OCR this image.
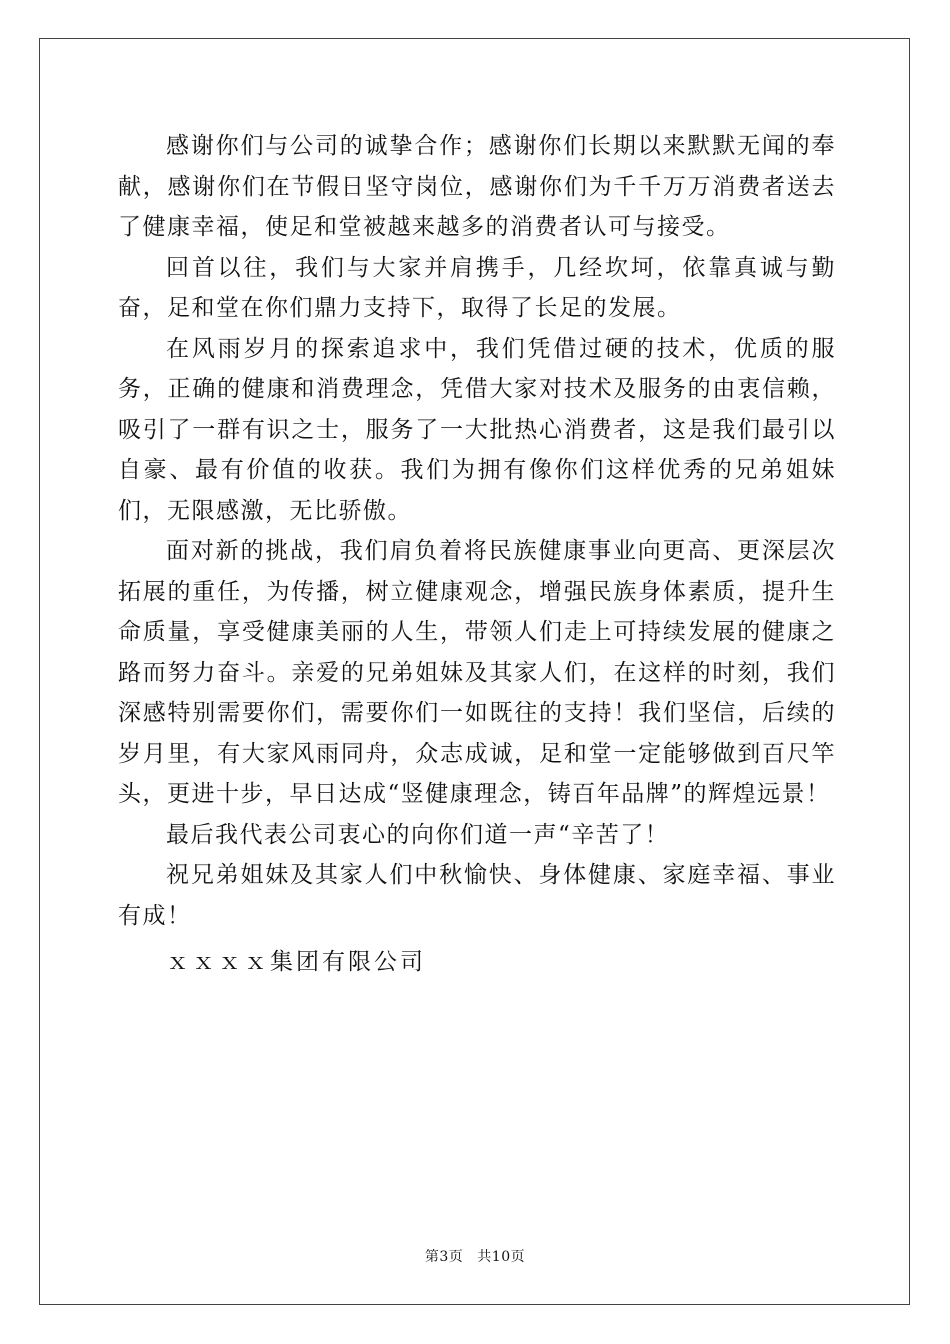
感谢你们与公司的诚挚合作；感谢你们长期以来默默无闻的奉献，感谢你们在节假日坚守岗位，感谢你们为千千万万消费者送去了健康幸福，使足和堂被越来越多的消费者认可与接受。

回首以往，我们与大家并肩携手，几经坎坷，依靠真诚与勤奋，足和堂在你们鼎力支持下，取得了长足的发展。

在风雨岁月的探索追求中，我们凭借过硬的技术，优质的服务，正确的健康和消费理念，凭借大家对技术及服务的由衷信赖，吸引了一群有识之士，服务了一大批热心消费者，这是我们最引以自豪、最有价值的收获。我们为拥有像你们这样优秀的兄弟姐妹们，无限感激，无比骄傲。

面对新的挑战，我们肩负着将民族健康事业向更高、更深层次拓展的重任，为传播，树立健康观念，增强民族身体素质，提升生命质量，享受健康美丽的人生，带领人们走上可持续发展的健康之路而努力奋斗。亲爱的兄弟姐妹及其家人们，在这样的时刻，我们深感特别需要你们，需要你们一如既往的支持！我们坚信，后续的岁月里，有大家风雨同舟，众志成诚，足和堂一定能够做到百尺竿头，更进十步，早日达成“竖健康理念，铸百年品牌”的辉煌远景！

最后我代表公司衷心的向你们道一声“辛苦了！

祝兄弟姐妹及其家人们中秋愉快、身体健康、家庭幸福、事业有成！

ｘｘｘｘ集团有限公司

第3页 共10页
